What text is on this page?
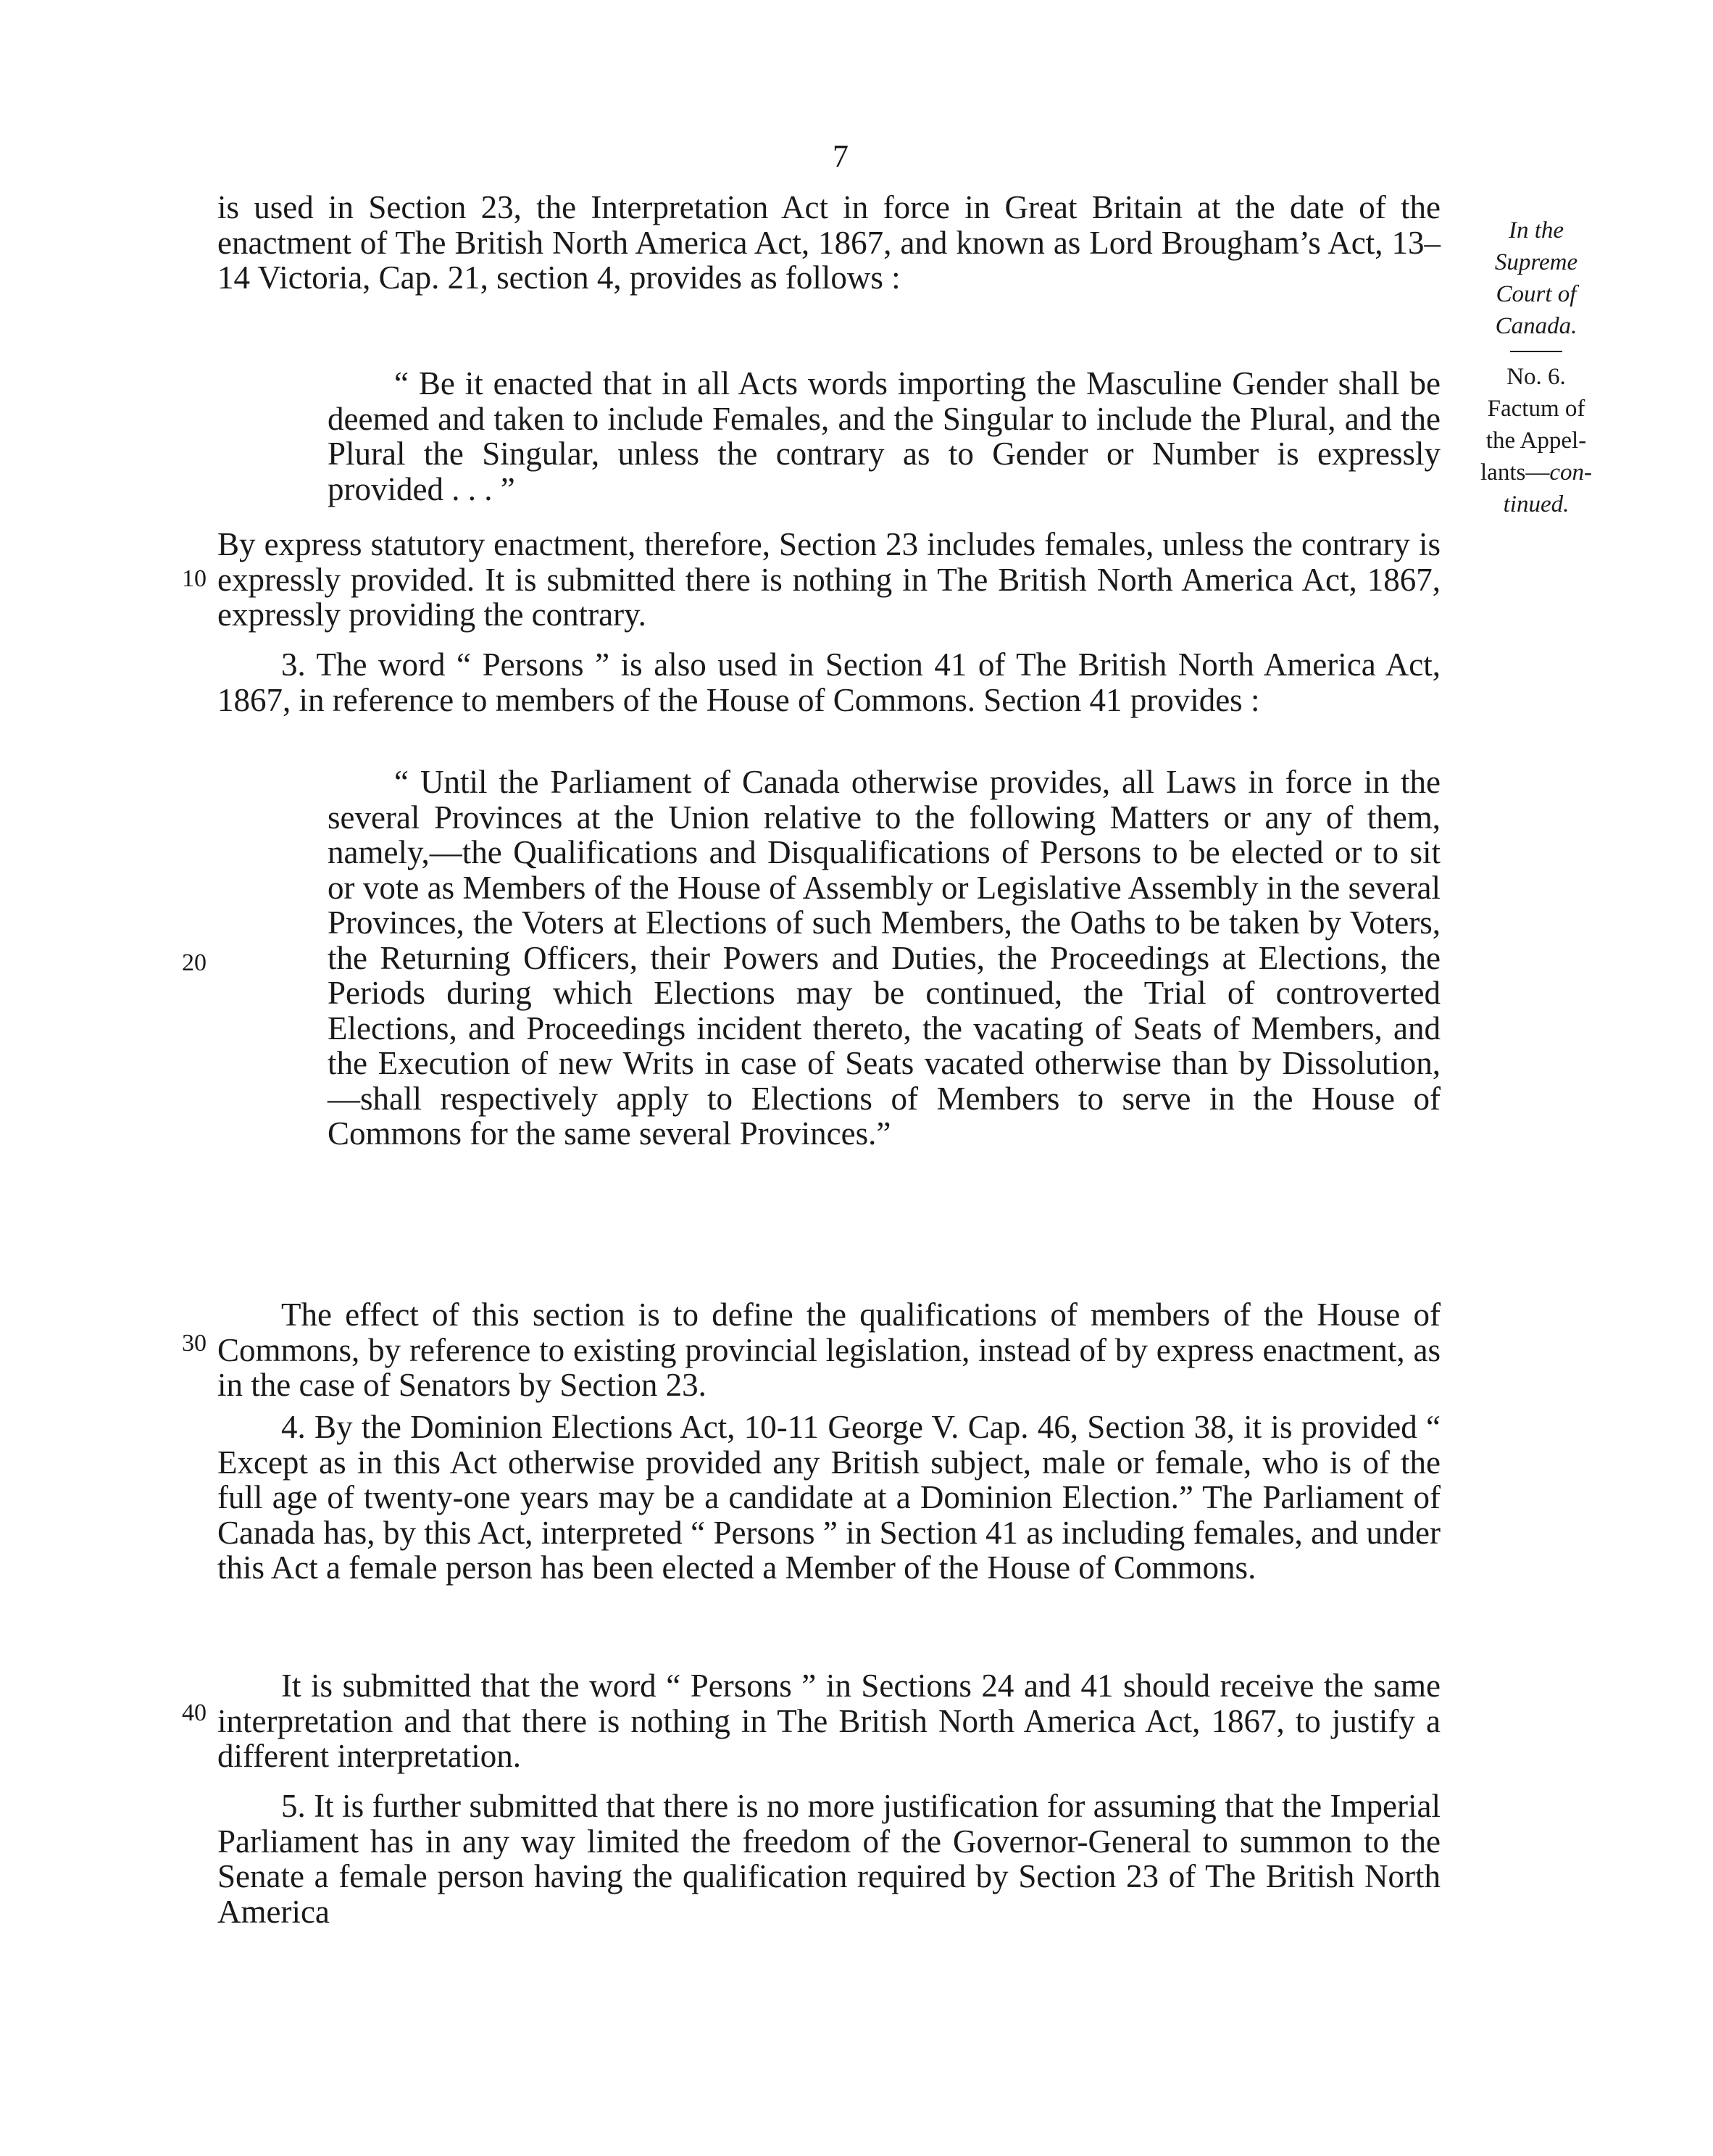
7
In the
Supreme
Court of
Canada.
No. 6.
Factum of
the Appel-
lants—con-
tinued.
10
20
30
40

is used in Section 23, the Interpretation Act in force in Great Britain at the date of the enactment of The British North America Act, 1867, and known as Lord Brougham’s Act, 13–14 Victoria, Cap. 21, section 4, provides as follows :

“ Be it enacted that in all Acts words importing the Masculine Gender shall be deemed and taken to include Females, and the Singular to include the Plural, and the Plural the Singular, unless the contrary as to Gender or Number is expressly provided . . . ”

By express statutory enactment, therefore, Section 23 includes females, unless the contrary is expressly provided. It is submitted there is nothing in The British North America Act, 1867, expressly providing the contrary.

3. The word “ Persons ” is also used in Section 41 of The British North America Act, 1867, in reference to members of the House of Commons. Section 41 provides :

“ Until the Parliament of Canada otherwise provides, all Laws in force in the several Provinces at the Union relative to the following Matters or any of them, namely,—the Qualifications and Disqualifications of Persons to be elected or to sit or vote as Members of the House of Assembly or Legislative Assembly in the several Provinces, the Voters at Elections of such Members, the Oaths to be taken by Voters, the Returning Officers, their Powers and Duties, the Proceedings at Elections, the Periods during which Elections may be continued, the Trial of controverted Elections, and Proceedings incident thereto, the vacating of Seats of Members, and the Execution of new Writs in case of Seats vacated otherwise than by Dissolution,—shall respectively apply to Elections of Members to serve in the House of Commons for the same several Provinces.”

The effect of this section is to define the qualifications of members of the House of Commons, by reference to existing provincial legislation, instead of by express enactment, as in the case of Senators by Section 23.

4. By the Dominion Elections Act, 10-11 George V. Cap. 46, Section 38, it is provided “ Except as in this Act otherwise provided any British subject, male or female, who is of the full age of twenty-one years may be a candidate at a Dominion Election.” The Parliament of Canada has, by this Act, interpreted “ Persons ” in Section 41 as including females, and under this Act a female person has been elected a Member of the House of Commons.

It is submitted that the word “ Persons ” in Sections 24 and 41 should receive the same interpretation and that there is nothing in The British North America Act, 1867, to justify a different interpretation.

5. It is further submitted that there is no more justification for assuming that the Imperial Parliament has in any way limited the freedom of the Governor-General to summon to the Senate a female person having the qualification required by Section 23 of The British North America
